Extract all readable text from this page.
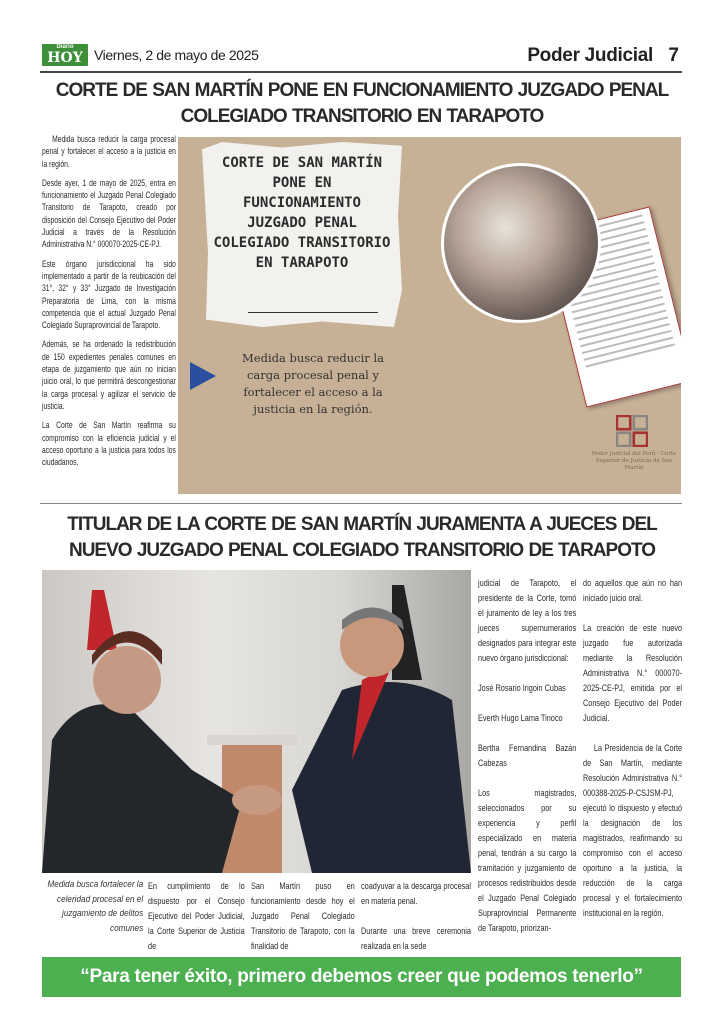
Diario
HOY Viernes, 2 de mayo de 2025	Poder Judicial 7
CORTE DE SAN MARTÍN PONE EN FUNCIONAMIENTO JUZGADO PENAL COLEGIADO TRANSITORIO EN TARAPOTO

Medida busca reducir la carga procesal penal y fortalecer el acceso a la justicia en la región.

Desde ayer, 1 de mayo de 2025, entra en funcionamiento el Juzgado Penal Colegiado Transitorio de Tarapoto, creado por disposición del Consejo Ejecutivo del Poder Judicial a través de la Resolución Administrativa N.° 000070-2025-CE-PJ.

Este órgano jurisdiccional ha sido implementado a partir de la reubicación del 31°, 32° y 33° Juzgado de Investigación Preparatoria de Lima, con la misma competencia que el actual Juzgado Penal Colegiado Supraprovincial de Tarapoto.

Además, se ha ordenado la redistribución de 150 expedientes penales comunes en etapa de juzgamiento que aún no inician juicio oral, lo que permitirá descongestionar la carga procesal y agilizar el servicio de justicia.

La Corte de San Martín reafirma su compromiso con la eficiencia judicial y el acceso oportuno a la justicia para todos los ciudadanos.

CORTE DE SAN MARTÍN PONE EN FUNCIONAMIENTO JUZGADO PENAL COLEGIADO TRANSITORIO EN TARAPOTO
Medida busca reducir la carga procesal penal y fortalecer el acceso a la justicia en la región.
Poder Judicial del Perú · Corte Superior de Justicia de San Martín
TITULAR DE LA CORTE DE SAN MARTÍN JURAMENTA A JUECES DEL NUEVO JUZGADO PENAL COLEGIADO TRANSITORIO DE TARAPOTO
Medida busca fortalecer la celeridad procesal en el juzgamiento de delitos comunes

En cumplimiento de lo dispuesto por el Consejo Ejecutivo del Poder Judicial, la Corte Superior de Justicia de

San Martín puso en funcionamiento desde hoy el Juzgado Penal Colegiado Transitorio de Tarapoto, con la finalidad de

coadyuvar a la descarga procesal en materia penal.

Durante una breve ceremonia realizada en la sede

judicial de Tarapoto, el presidente de la Corte, tomó el juramento de ley a los tres jueces supernumerarios designados para integrar este nuevo órgano jurisdiccional:

José Rosario Irigoin Cubas

Everth Hugo Lama Tinoco

Bertha Fernandina Bazán Cabezas

Los magistrados, seleccionados por su experiencia y perfil especializado en materia penal, tendrán a su cargo la tramitación y juzgamiento de procesos redistribuidos desde el Juzgado Penal Colegiado Supraprovincial Permanente de Tarapoto, priorizan-

do aquellos que aún no han iniciado juicio oral.

La creación de este nuevo juzgado fue autorizada mediante la Resolución Administrativa N.° 000070-2025-CE-PJ, emitida por el Consejo Ejecutivo del Poder Judicial.

La Presidencia de la Corte de San Martín, mediante Resolución Administrativa N.° 000388-2025-P-CSJSM-PJ, ejecutó lo dispuesto y efectuó la designación de los magistrados, reafirmando su compromiso con el acceso oportuno a la justicia, la reducción de la carga procesal y el fortalecimiento institucional en la región.

“Para tener éxito, primero debemos creer que podemos tenerlo”
